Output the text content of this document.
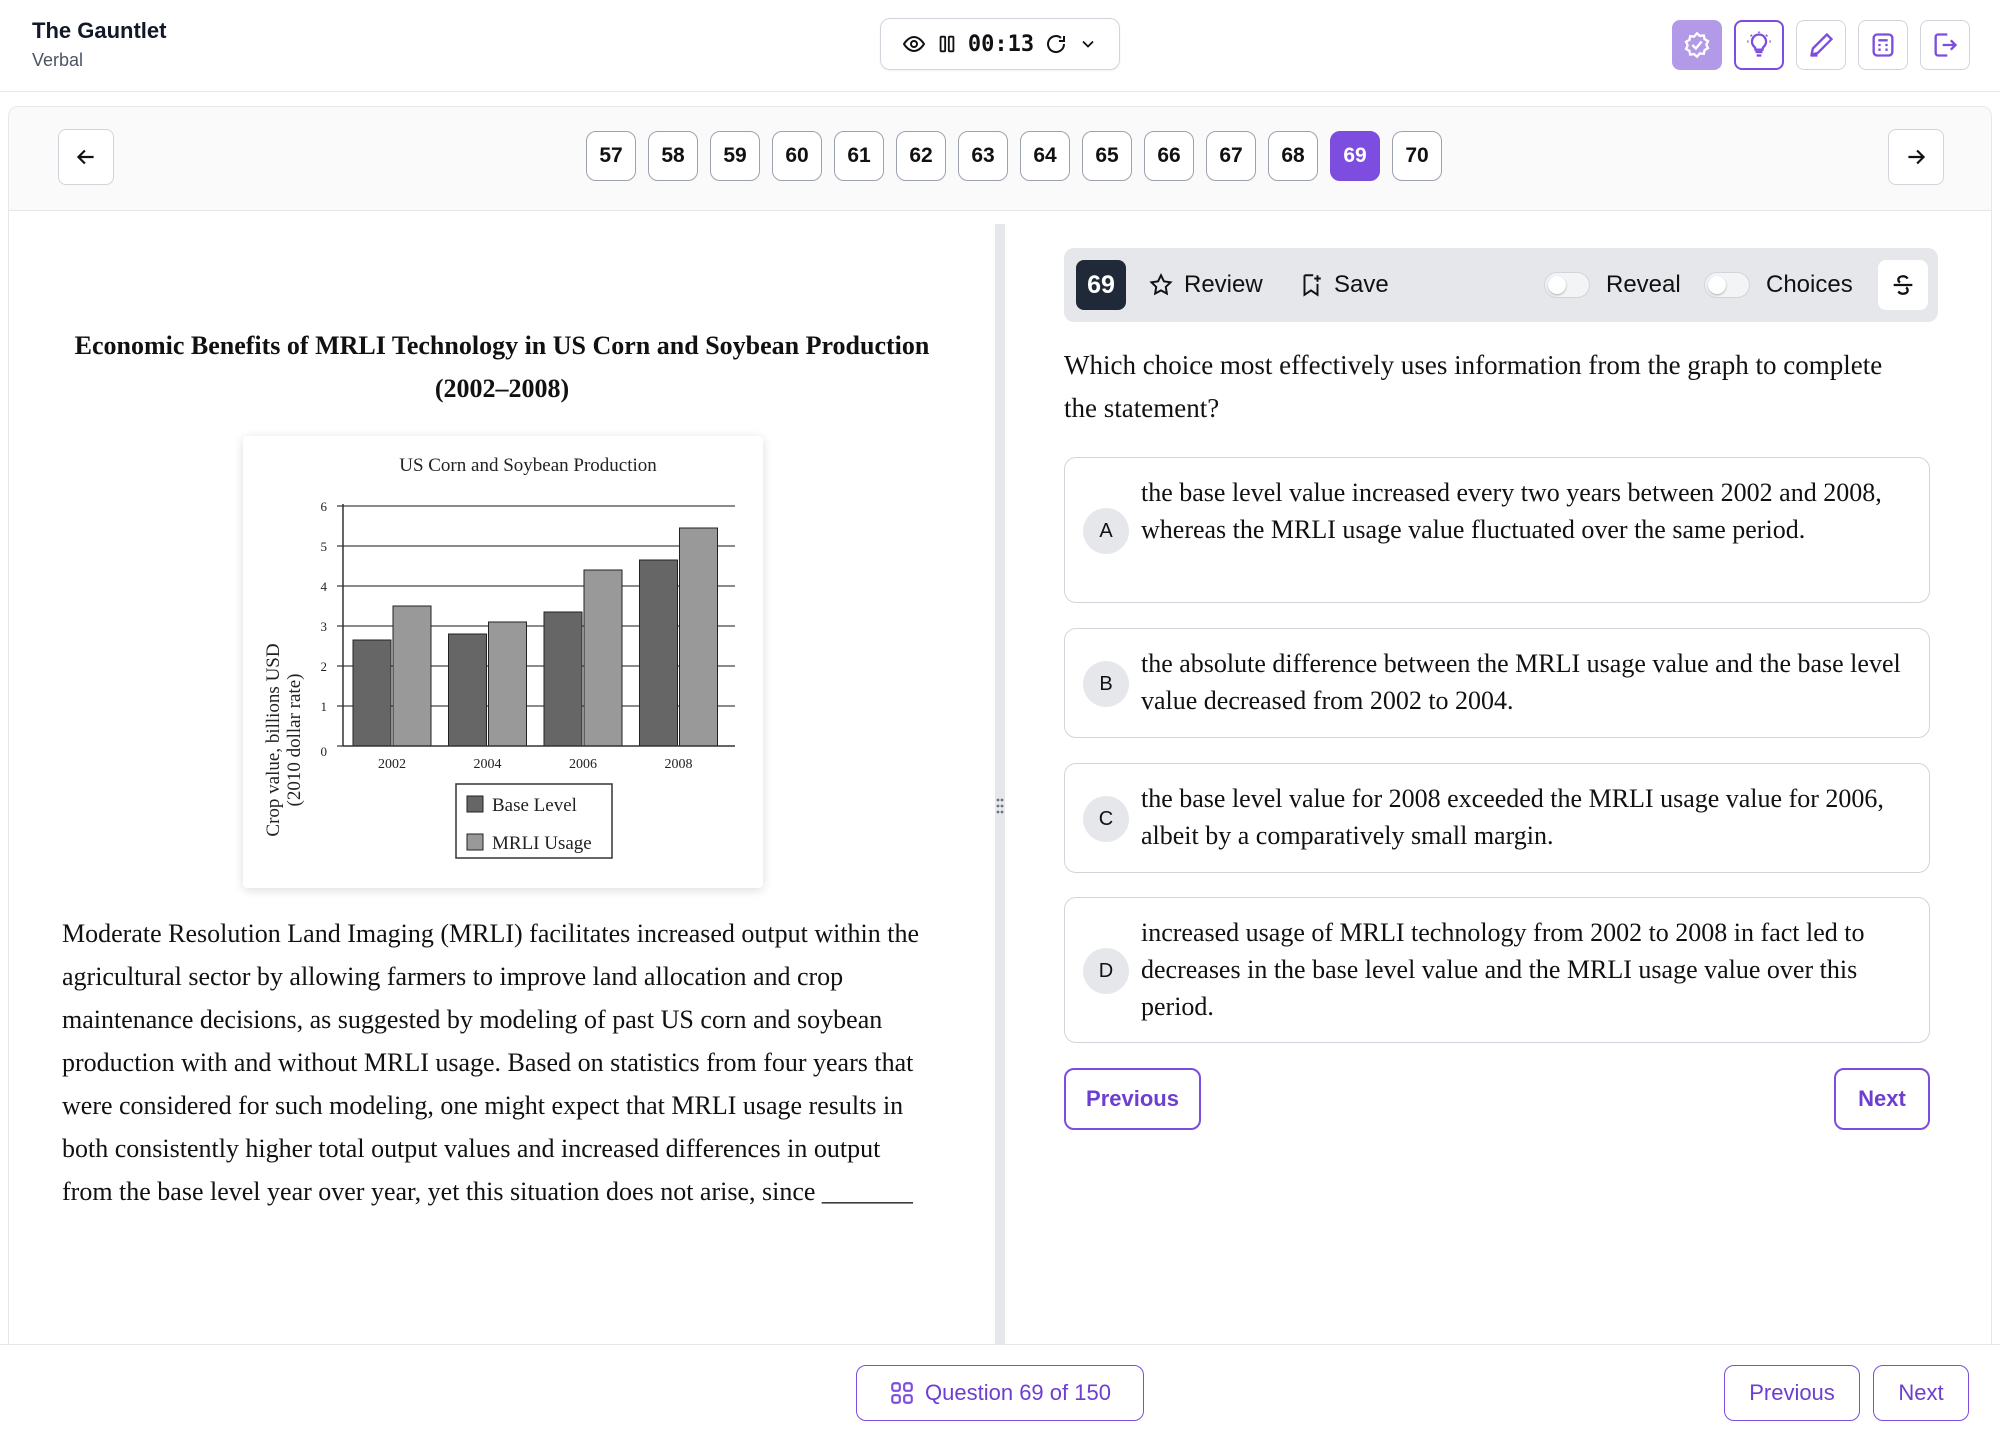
The Gauntlet
Verbal
00:13
57	58	59	60	61	62	63	64	65	66	67	68	69	70
Economic Benefits of MRLI Technology in US Corn and Soybean Production (2002–2008)
US Corn and Soybean Production
Crop value, billions USD (2010 dollar rate) 0
1
2
3
4
5
6
2002	2004	2006	2008
Base Level
MRLI Usage
Moderate Resolution Land Imaging (MRLI) facilitates increased output within the agricultural sector by allowing farmers to improve land allocation and crop maintenance decisions, as suggested by modeling of past US corn and soybean production with and without MRLI usage. Based on statistics from four years that were considered for such modeling, one might expect that MRLI usage results in both consistently higher total output values and increased differences in output from the base level year over year, yet this situation does not arise, since _______
69	Review	Save	Reveal	Choices
Which choice most effectively uses information from the graph to complete the statement?
A
the base level value increased every two years between 2002 and 2008, whereas the MRLI usage value fluctuated over the same period.
B
the absolute difference between the MRLI usage value and the base level value decreased from 2002 to 2004.
C
the base level value for 2008 exceeded the MRLI usage value for 2006, albeit by a comparatively small margin.
D
increased usage of MRLI technology from 2002 to 2008 in fact led to decreases in the base level value and the MRLI usage value over this period.
Previous	Next
Question 69 of 150	Previous	Next
